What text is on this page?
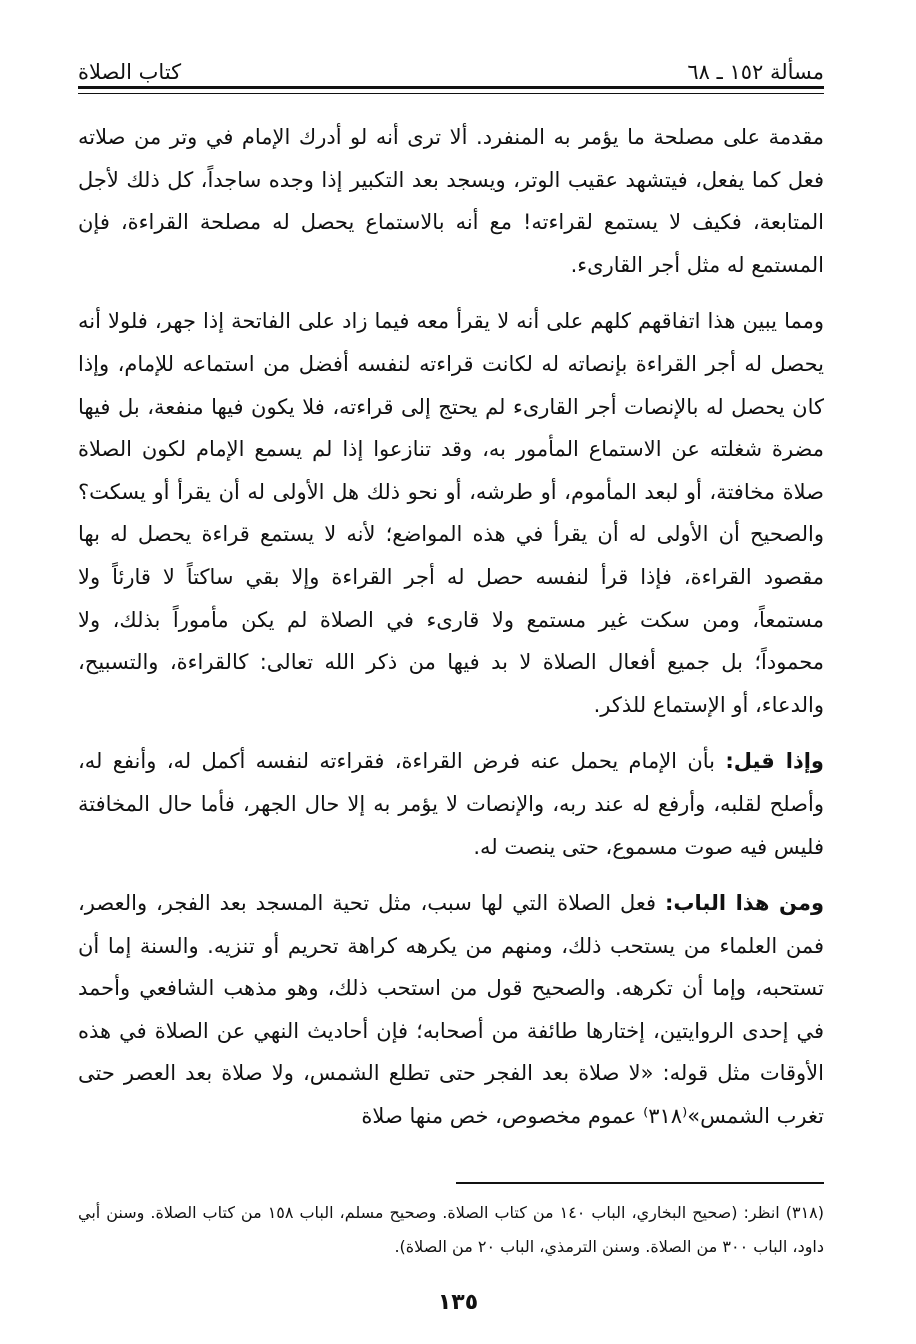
مسألة ١٥٢ ـ ٦٨
كتاب الصلاة

مقدمة على مصلحة ما يؤمر به المنفرد. ألا ترى أنه لو أدرك الإمام في وتر من صلاته فعل كما يفعل، فيتشهد عقيب الوتر، ويسجد بعد التكبير إذا وجده ساجداً، كل ذلك لأجل المتابعة، فكيف لا يستمع لقراءته! مع أنه بالاستماع يحصل له مصلحة القراءة، فإن المستمع له مثل أجر القارىء.

ومما يبين هذا اتفاقهم كلهم على أنه لا يقرأ معه فيما زاد على الفاتحة إذا جهر، فلولا أنه يحصل له أجر القراءة بإنصاته له لكانت قراءته لنفسه أفضل من استماعه للإمام، وإذا كان يحصل له بالإنصات أجر القارىء لم يحتج إلى قراءته، فلا يكون فيها منفعة، بل فيها مضرة شغلته عن الاستماع المأمور به، وقد تنازعوا إذا لم يسمع الإمام لكون الصلاة صلاة مخافتة، أو لبعد المأموم، أو طرشه، أو نحو ذلك هل الأولى له أن يقرأ أو يسكت؟ والصحيح أن الأولى له أن يقرأ في هذه المواضع؛ لأنه لا يستمع قراءة يحصل له بها مقصود القراءة، فإذا قرأ لنفسه حصل له أجر القراءة وإلا بقي ساكتاً لا قارئاً ولا مستمعاً، ومن سكت غير مستمع ولا قارىء في الصلاة لم يكن مأموراً بذلك، ولا محموداً؛ بل جميع أفعال الصلاة لا بد فيها من ذكر الله تعالى: كالقراءة، والتسبيح، والدعاء، أو الإستماع للذكر.

وإذا قيل: بأن الإمام يحمل عنه فرض القراءة، فقراءته لنفسه أكمل له، وأنفع له، وأصلح لقلبه، وأرفع له عند ربه، والإنصات لا يؤمر به إلا حال الجهر، فأما حال المخافتة فليس فيه صوت مسموع، حتى ينصت له.

ومن هذا الباب: فعل الصلاة التي لها سبب، مثل تحية المسجد بعد الفجر، والعصر، فمن العلماء من يستحب ذلك، ومنهم من يكرهه كراهة تحريم أو تنزيه. والسنة إما أن تستحبه، وإما أن تكرهه. والصحيح قول من استحب ذلك، وهو مذهب الشافعي وأحمد في إحدى الروايتين، إختارها طائفة من أصحابه؛ فإن أحاديث النهي عن الصلاة في هذه الأوقات مثل قوله: «لا صلاة بعد الفجر حتى تطلع الشمس، ولا صلاة بعد العصر حتى تغرب الشمس»⁽٣١٨⁾ عموم مخصوص، خص منها صلاة

(٣١٨) انظر: (صحيح البخاري، الباب ١٤٠ من كتاب الصلاة. وصحيح مسلم، الباب ١٥٨ من كتاب الصلاة. وسنن أبي داود، الباب ٣٠٠ من الصلاة. وسنن الترمذي، الباب ٢٠ من الصلاة).

١٣٥
